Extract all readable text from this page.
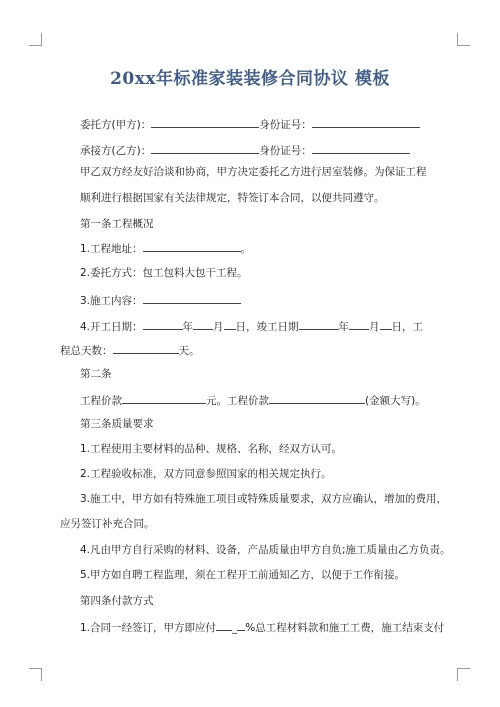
20xx年标准家装装修合同协议 模板
委托方(甲方)：	身份证号：
承接方(乙方)：	身份证号：
甲乙双方经友好洽谈和协商，甲方决定委托乙方进行居室装修。为保证工程
顺利进行根据国家有关法律规定，特签订本合同，以便共同遵守。
第一条工程概况
1.工程地址：	。
2.委托方式：包工包料大包干工程。
3.施工内容：
4.开工日期：	年 月 日，竣工日期	年 月 日，工
程总天数：	天。
第二条
工程价款	元。工程价款	(金额大写)。
第三条质量要求
1.工程使用主要材料的品种、规格、名称，经双方认可。
2.工程验收标准，双方同意参照国家的相关规定执行。
3.施工中，甲方如有特殊施工项目或特殊质量要求，双方应确认，增加的费用，
应另签订补充合同。
4.凡由甲方自行采购的材料、设备，产品质量由甲方自负;施工质量由乙方负责。
5.甲方如自聘工程监理，须在工程开工前通知乙方，以便于工作衔接。
第四条付款方式
1.合同一经签订，甲方即应付 _ %总工程材料款和施工工费，施工结束支付
